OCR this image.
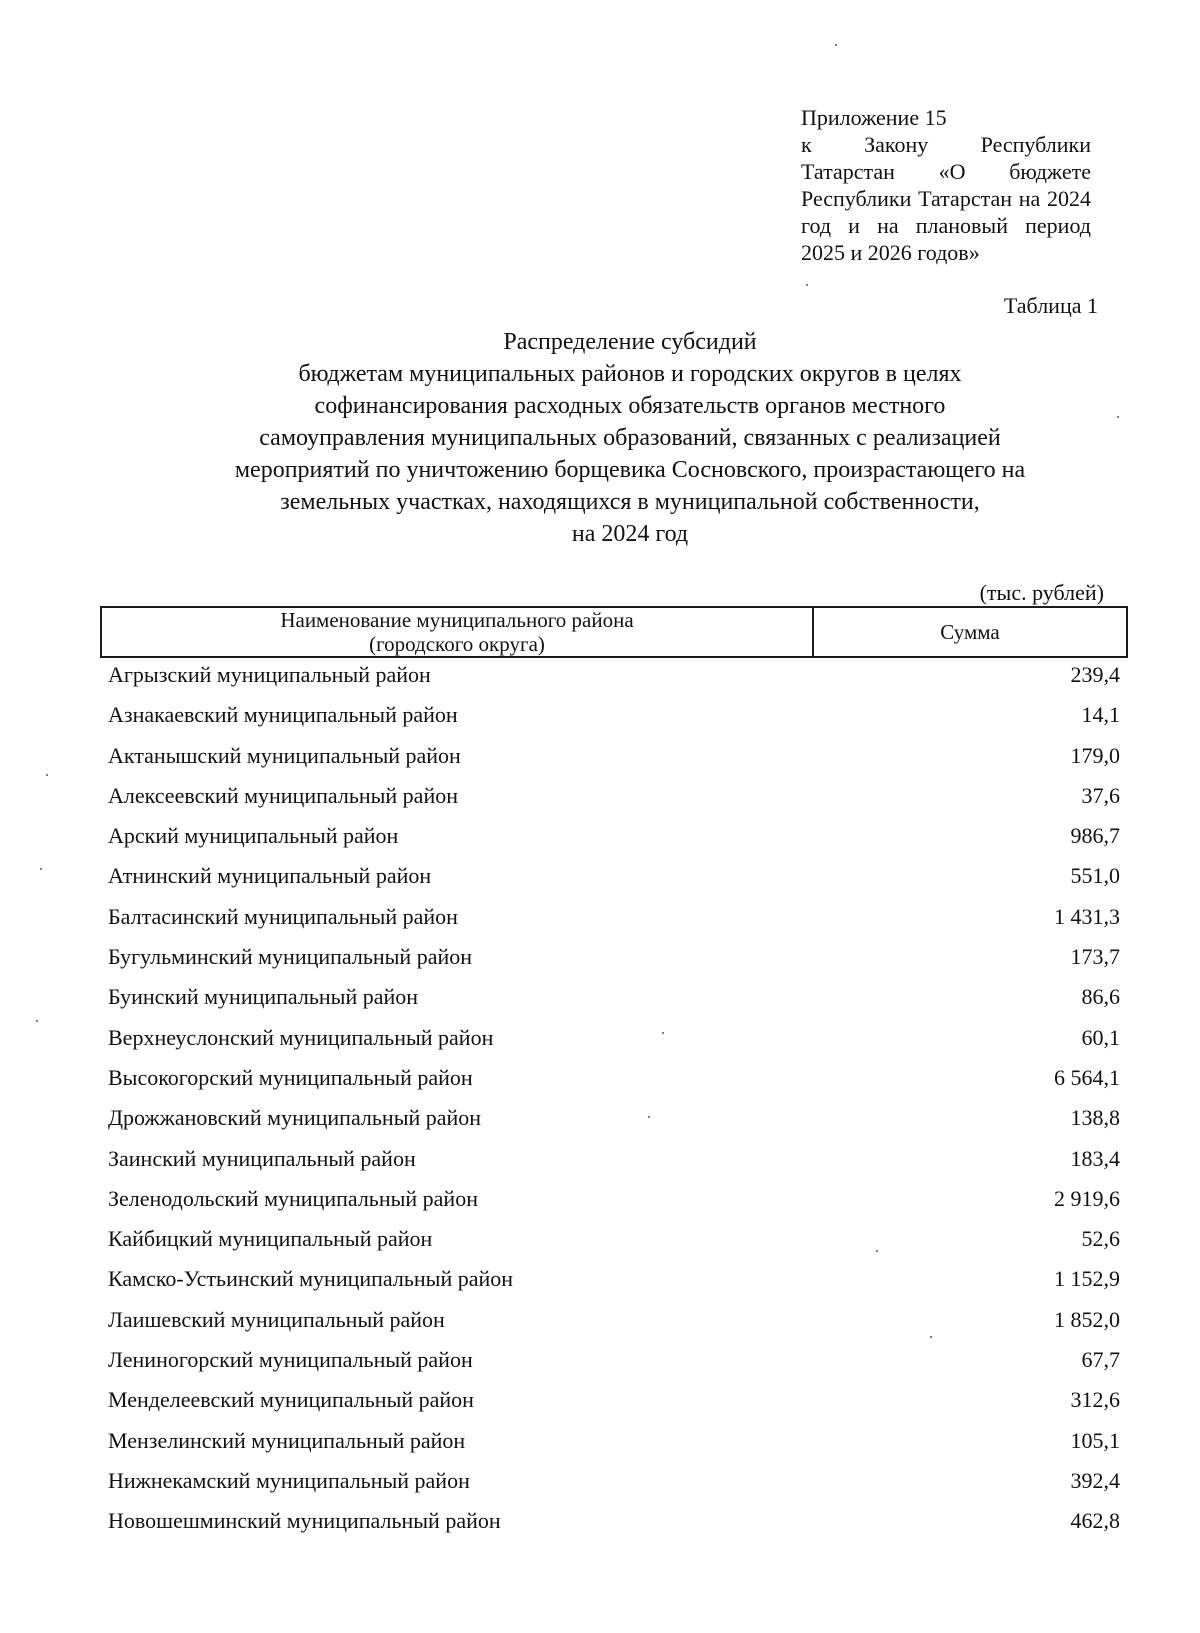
Приложение 15
к Закону Республики Татарстан «О бюджете Республики Татарстан на 2024 год и на плановый период 2025 и 2026 годов»
Таблица 1
Распределение субсидий
бюджетам муниципальных районов и городских округов в целях
софинансирования расходных обязательств органов местного
самоуправления муниципальных образований, связанных с реализацией
мероприятий по уничтожению борщевика Сосновского, произрастающего на
земельных участках, находящихся в муниципальной собственности,
на 2024 год
(тыс. рублей)
Наименование муниципального района
(городского округа)
Сумма
Агрызский муниципальный район	239,4
Азнакаевский муниципальный район	14,1
Актанышский муниципальный район	179,0
Алексеевский муниципальный район	37,6
Арский муниципальный район	986,7
Атнинский муниципальный район	551,0
Балтасинский муниципальный район	1 431,3
Бугульминский муниципальный район	173,7
Буинский муниципальный район	86,6
Верхнеуслонский муниципальный район	60,1
Высокогорский муниципальный район	6 564,1
Дрожжановский муниципальный район	138,8
Заинский муниципальный район	183,4
Зеленодольский муниципальный район	2 919,6
Кайбицкий муниципальный район	52,6
Камско-Устьинский муниципальный район	1 152,9
Лаишевский муниципальный район	1 852,0
Лениногорский муниципальный район	67,7
Менделеевский муниципальный район	312,6
Мензелинский муниципальный район	105,1
Нижнекамский муниципальный район	392,4
Новошешминский муниципальный район	462,8
